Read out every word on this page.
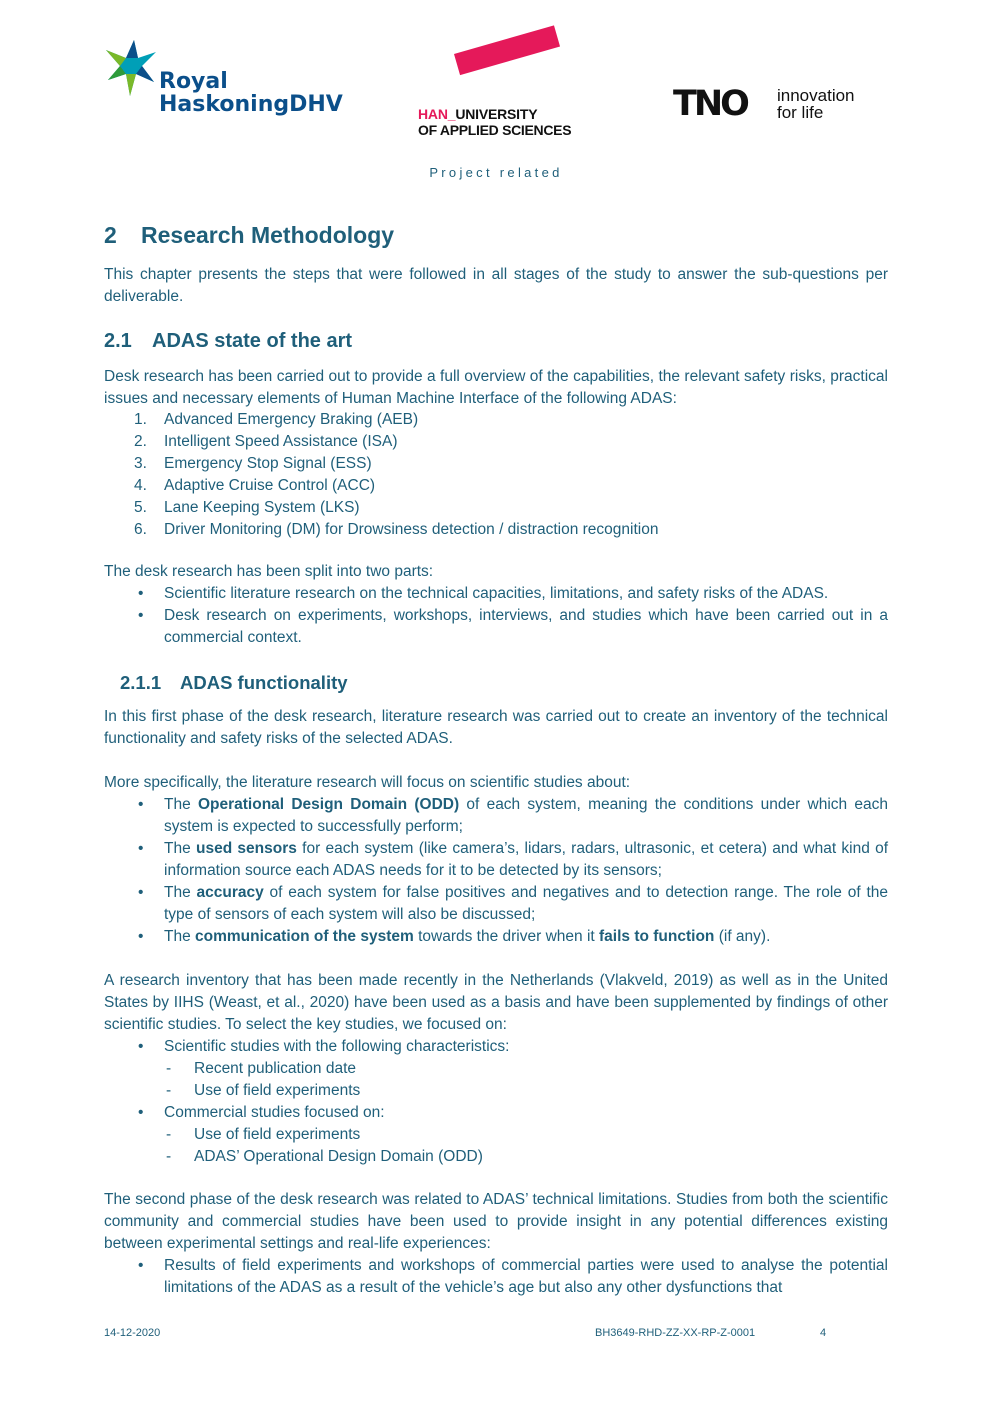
Royal
HaskoningDHV	HAN_UNIVERSITY
OF APPLIED SCIENCES
TNO innovation
for life
Project related
2 Research Methodology

This chapter presents the steps that were followed in all stages of the study to answer the sub-questions per deliverable.

2.1 ADAS state of the art

Desk research has been carried out to provide a full overview of the capabilities, the relevant safety risks, practical issues and necessary elements of Human Machine Interface of the following ADAS:

1. Advanced Emergency Braking (AEB)
2. Intelligent Speed Assistance (ISA)
3. Emergency Stop Signal (ESS)
4. Adaptive Cruise Control (ACC)
5. Lane Keeping System (LKS)
6. Driver Monitoring (DM) for Drowsiness detection / distraction recognition

The desk research has been split into two parts:

• Scientific literature research on the technical capacities, limitations, and safety risks of the ADAS.
• Desk research on experiments, workshops, interviews, and studies which have been carried out in a commercial context.
2.1.1 ADAS functionality

In this first phase of the desk research, literature research was carried out to create an inventory of the technical functionality and safety risks of the selected ADAS.

More specifically, the literature research will focus on scientific studies about:

• The Operational Design Domain (ODD) of each system, meaning the conditions under which each system is expected to successfully perform;
• The used sensors for each system (like camera’s, lidars, radars, ultrasonic, et cetera) and what kind of information source each ADAS needs for it to be detected by its sensors;
• The accuracy of each system for false positives and negatives and to detection range. The role of the type of sensors of each system will also be discussed;
• The communication of the system towards the driver when it fails to function (if any).

A research inventory that has been made recently in the Netherlands (Vlakveld, 2019) as well as in the United States by IIHS (Weast, et al., 2020) have been used as a basis and have been supplemented by findings of other scientific studies. To select the key studies, we focused on:

• Scientific studies with the following characteristics:
- Recent publication date
- Use of field experiments
• Commercial studies focused on:
- Use of field experiments
- ADAS’ Operational Design Domain (ODD)

The second phase of the desk research was related to ADAS’ technical limitations. Studies from both the scientific community and commercial studies have been used to provide insight in any potential differences existing between experimental settings and real-life experiences:

• Results of field experiments and workshops of commercial parties were used to analyse the potential limitations of the ADAS as a result of the vehicle’s age but also any other dysfunctions that
14-12-2020	BH3649-RHD-ZZ-XX-RP-Z-0001	4
